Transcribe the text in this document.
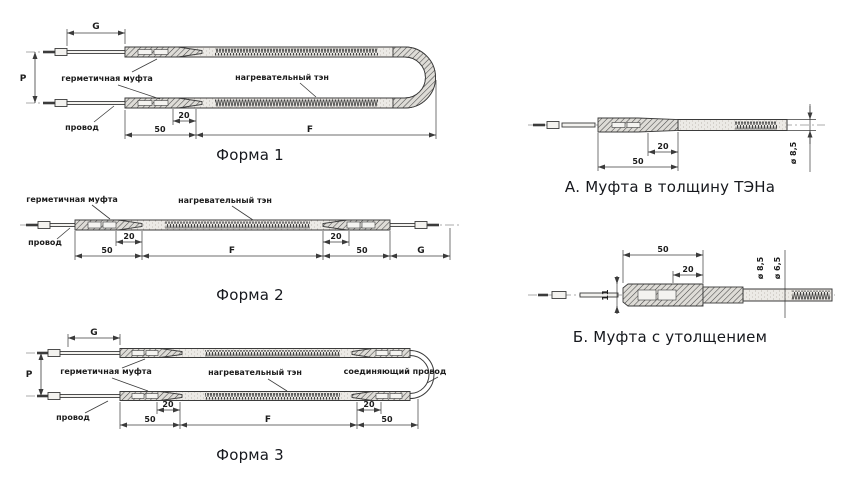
G
P	герметичная муфта	нагревательный тэн
провод
20
50	F
Форма 1
герметичная муфта	нагревательный тэн
провод
20
50	F
20
50	G
Форма 2
G
P	герметичная муфта	нагревательный тэн	соединяющий провод
провод
20
50	F
20
50
Форма 3
20
50	ø 8,5
А. Муфта в толщину ТЭНа
11
50
20	ø 8,5 ø 6,5
Б. Муфта с утолщением
